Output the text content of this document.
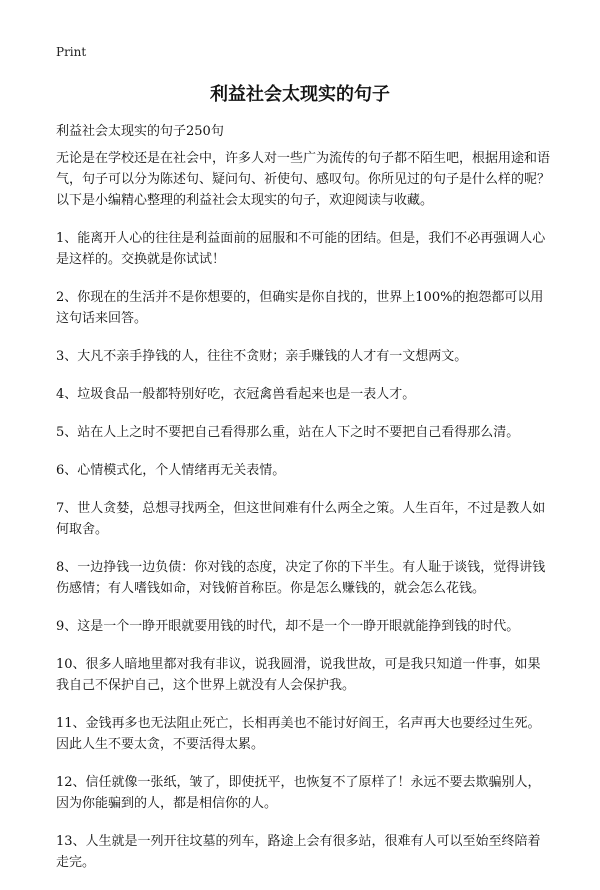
Print
利益社会太现实的句子

利益社会太现实的句子250句

无论是在学校还是在社会中，许多人对一些广为流传的句子都不陌生吧，根据用途和语气，句子可以分为陈述句、疑问句、祈使句、感叹句。你所见过的句子是什么样的呢？以下是小编精心整理的利益社会太现实的句子，欢迎阅读与收藏。

1、能离开人心的往往是利益面前的屈服和不可能的团结。但是，我们不必再强调人心是这样的。交换就是你试试！

2、你现在的生活并不是你想要的，但确实是你自找的，世界上100%的抱怨都可以用这句话来回答。

3、大凡不亲手挣钱的人，往往不贪财；亲手赚钱的人才有一文想两文。

4、垃圾食品一般都特别好吃，衣冠禽兽看起来也是一表人才。

5、站在人上之时不要把自己看得那么重，站在人下之时不要把自己看得那么清。

6、心情模式化，个人情绪再无关表情。

7、世人贪婪，总想寻找两全，但这世间难有什么两全之策。人生百年，不过是教人如何取舍。

8、一边挣钱一边负债：你对钱的态度，决定了你的下半生。有人耻于谈钱，觉得讲钱伤感情；有人嗜钱如命，对钱俯首称臣。你是怎么赚钱的，就会怎么花钱。

9、这是一个一睁开眼就要用钱的时代，却不是一个一睁开眼就能挣到钱的时代。

10、很多人暗地里都对我有非议，说我圆滑，说我世故，可是我只知道一件事，如果我自己不保护自己，这个世界上就没有人会保护我。

11、金钱再多也无法阻止死亡，长相再美也不能讨好阎王，名声再大也要经过生死。因此人生不要太贪，不要活得太累。

12、信任就像一张纸，皱了，即使抚平，也恢复不了原样了！永远不要去欺骗别人，因为你能骗到的人，都是相信你的人。

13、人生就是一列开往坟墓的列车，路途上会有很多站，很难有人可以至始至终陪着走完。
